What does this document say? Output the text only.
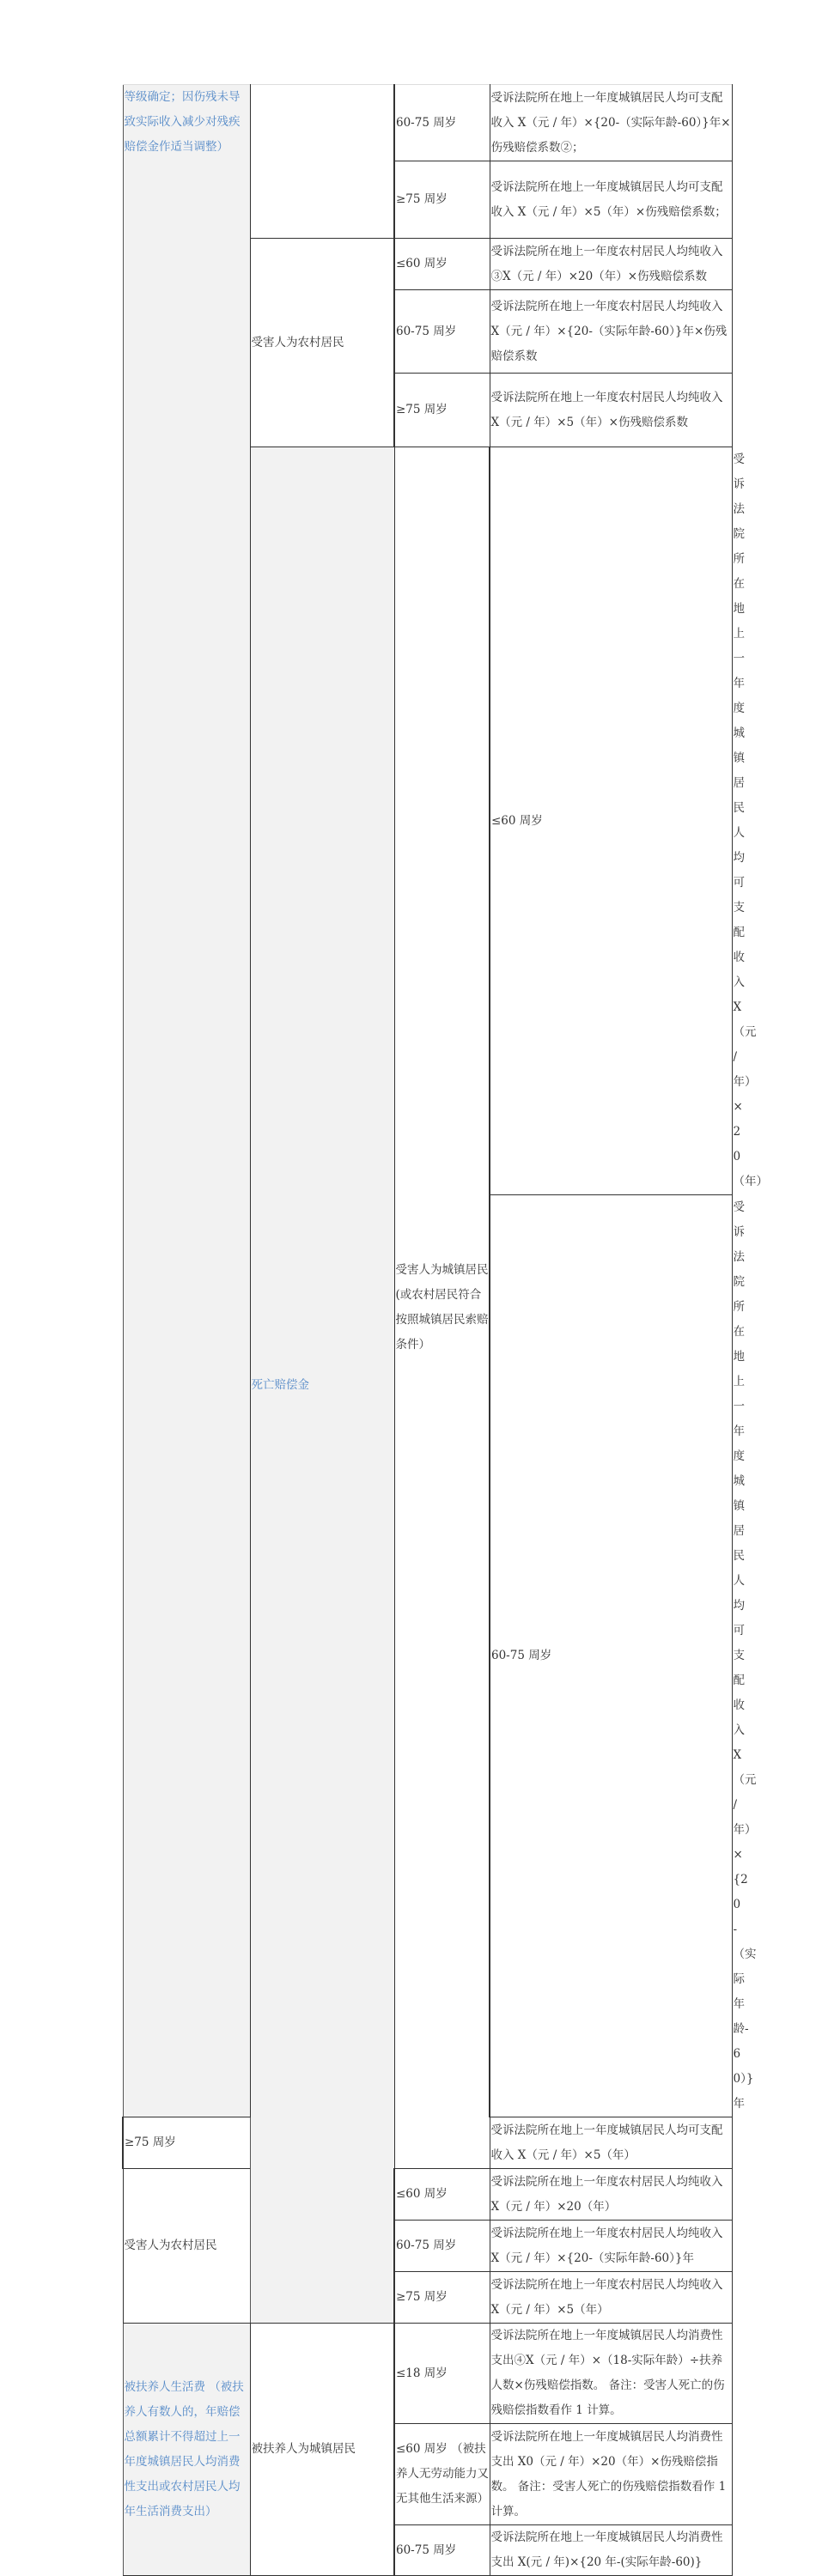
等级确定；因伤残未导致实际收入减少对残疾赔偿金作适当调整）		60-75 周岁	受诉法院所在地上一年度城镇居民人均可支配收入 X（元 / 年）×{20-（实际年龄-60）}年×伤残赔偿系数②；	
		≥75 周岁	受诉法院所在地上一年度城镇居民人均可支配收入 X（元 / 年）×5（年）×伤残赔偿系数；	
	受害人为农村居民	≤60 周岁	受诉法院所在地上一年度农村居民人均纯收入③X（元 / 年）×20（年）×伤残赔偿系数	
		60-75 周岁	受诉法院所在地上一年度农村居民人均纯收入 X（元 / 年）×{20-（实际年龄-60）}年×伤残赔偿系数	
		≥75 周岁	受诉法院所在地上一年度农村居民人均纯收入 X（元 / 年）×5（年）×伤残赔偿系数	
	死亡赔偿金	受害人为城镇居民(或农村居民符合按照城镇居民索赔条件）	≤60 周岁	受诉法院所在地上一年度城镇居民人均可支配收入 X（元 / 年）×20（年）
			60-75 周岁	受诉法院所在地上一年度城镇居民人均可支配收入 X（元 / 年）×{20-（实际年龄-60）}年
≥75 周岁			受诉法院所在地上一年度城镇居民人均可支配收入 X（元 / 年）×5（年）	
受害人为农村居民		≤60 周岁	受诉法院所在地上一年度农村居民人均纯收入 X（元 / 年）×20（年）	
		60-75 周岁	受诉法院所在地上一年度农村居民人均纯收入 X（元 / 年）×{20-（实际年龄-60）}年	
		≥75 周岁	受诉法院所在地上一年度农村居民人均纯收入 X（元 / 年）×5（年）	
被扶养人生活费 （被扶养人有数人的，年赔偿总额累计不得超过上一年度城镇居民人均消费性支出或农村居民人均年生活消费支出）	被扶养人为城镇居民	≤18 周岁	受诉法院所在地上一年度城镇居民人均消费性支出④X（元 / 年）×（18-实际年龄）÷扶养人数×伤残赔偿指数。 备注：受害人死亡的伤残赔偿指数看作 1 计算。	
		≤60 周岁 （被扶养人无劳动能力又无其他生活来源）	受诉法院所在地上一年度城镇居民人均消费性支出 X0（元 / 年）×20（年）×伤残赔偿指数。 备注：受害人死亡的伤残赔偿指数看作 1 计算。	
		60-75 周岁	受诉法院所在地上一年度城镇居民人均消费性支出 X(元 / 年)×{20 年-(实际年龄-60)}	
